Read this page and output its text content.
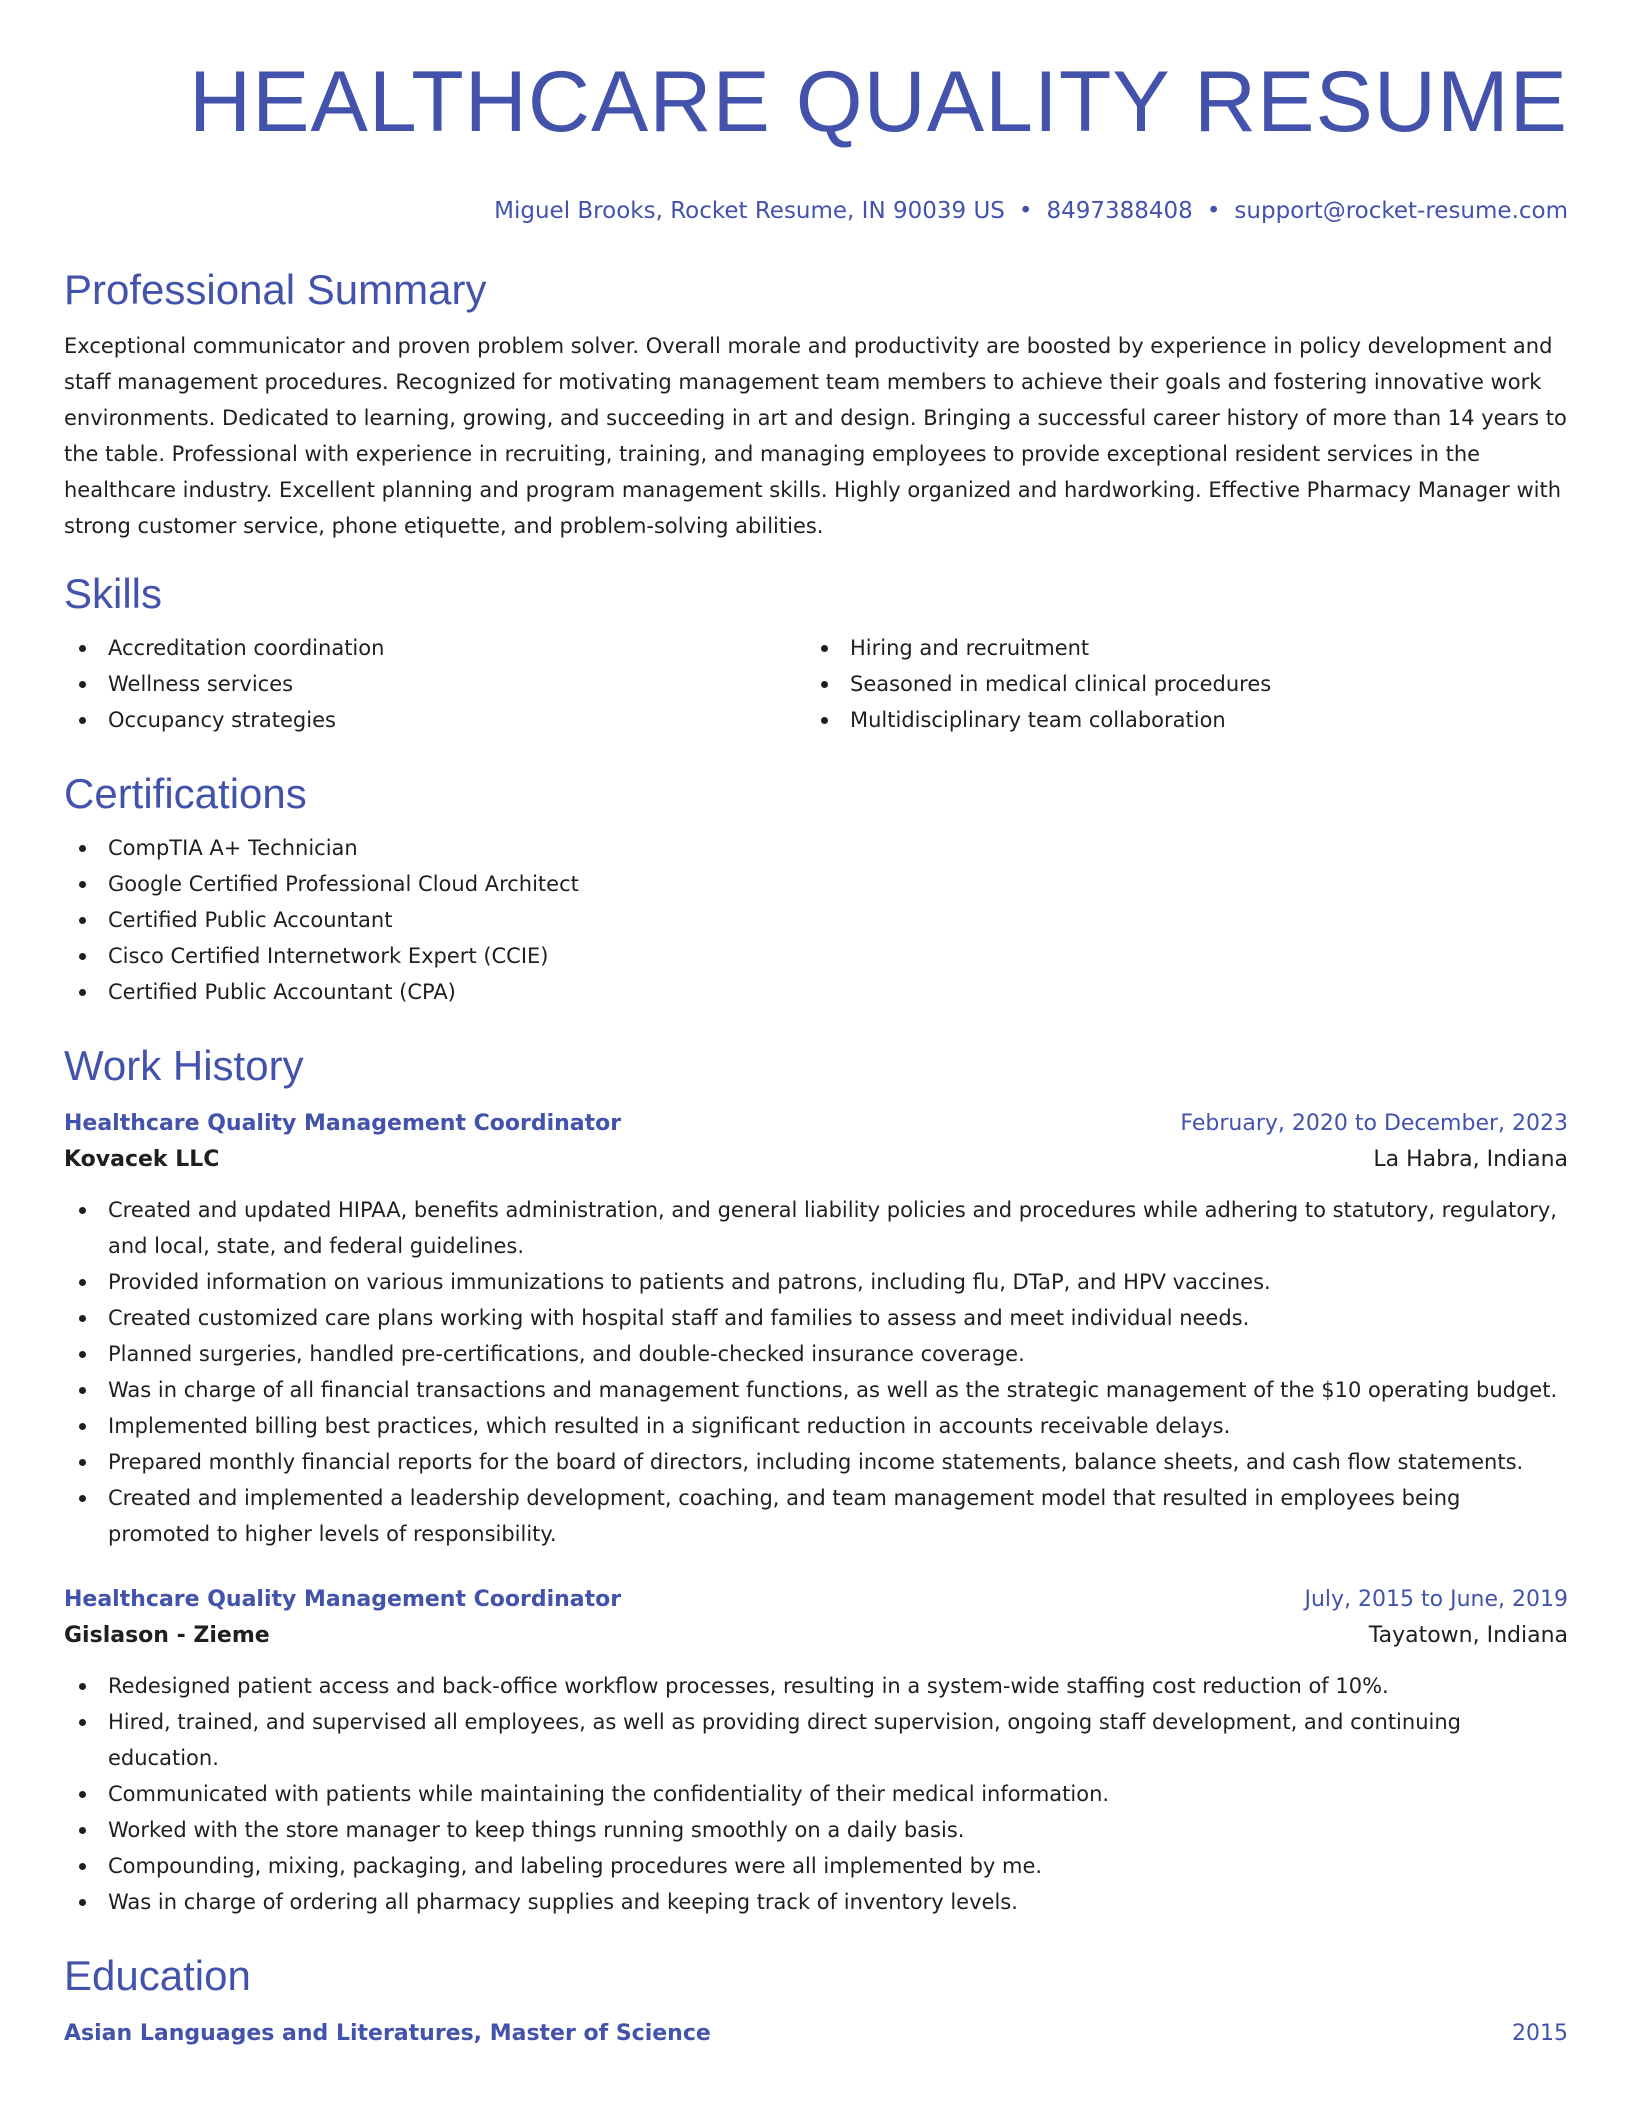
HEALTHCARE QUALITY RESUME
Miguel Brooks, Rocket Resume, IN 90039 US • 8497388408 • support@rocket-resume.com
Professional Summary

Exceptional communicator and proven problem solver. Overall morale and productivity are boosted by experience in policy development and staff management procedures. Recognized for motivating management team members to achieve their goals and fostering innovative work environments. Dedicated to learning, growing, and succeeding in art and design. Bringing a successful career history of more than 14 years to the table. Professional with experience in recruiting, training, and managing employees to provide exceptional resident services in the healthcare industry. Excellent planning and program management skills. Highly organized and hardworking. Effective Pharmacy Manager with strong customer service, phone etiquette, and problem-solving abilities.

Skills
Accreditation coordination
Wellness services
Occupancy strategies
Hiring and recruitment
Seasoned in medical clinical procedures
Multidisciplinary team collaboration
Certifications
CompTIA A+ Technician
Google Certified Professional Cloud Architect
Certified Public Accountant
Cisco Certified Internetwork Expert (CCIE)
Certified Public Accountant (CPA)
Work History
Healthcare Quality Management Coordinator	February, 2020 to December, 2023
Kovacek LLC	La Habra, Indiana
Created and updated HIPAA, benefits administration, and general liability policies and procedures while adhering to statutory, regulatory, and local, state, and federal guidelines.
Provided information on various immunizations to patients and patrons, including flu, DTaP, and HPV vaccines.
Created customized care plans working with hospital staff and families to assess and meet individual needs.
Planned surgeries, handled pre-certifications, and double-checked insurance coverage.
Was in charge of all financial transactions and management functions, as well as the strategic management of the $10 operating budget.
Implemented billing best practices, which resulted in a significant reduction in accounts receivable delays.
Prepared monthly financial reports for the board of directors, including income statements, balance sheets, and cash flow statements.
Created and implemented a leadership development, coaching, and team management model that resulted in employees being promoted to higher levels of responsibility.
Healthcare Quality Management Coordinator	July, 2015 to June, 2019
Gislason - Zieme	Tayatown, Indiana
Redesigned patient access and back-office workflow processes, resulting in a system-wide staffing cost reduction of 10%.
Hired, trained, and supervised all employees, as well as providing direct supervision, ongoing staff development, and continuing education.
Communicated with patients while maintaining the confidentiality of their medical information.
Worked with the store manager to keep things running smoothly on a daily basis.
Compounding, mixing, packaging, and labeling procedures were all implemented by me.
Was in charge of ordering all pharmacy supplies and keeping track of inventory levels.
Education
Asian Languages and Literatures, Master of Science	2015
